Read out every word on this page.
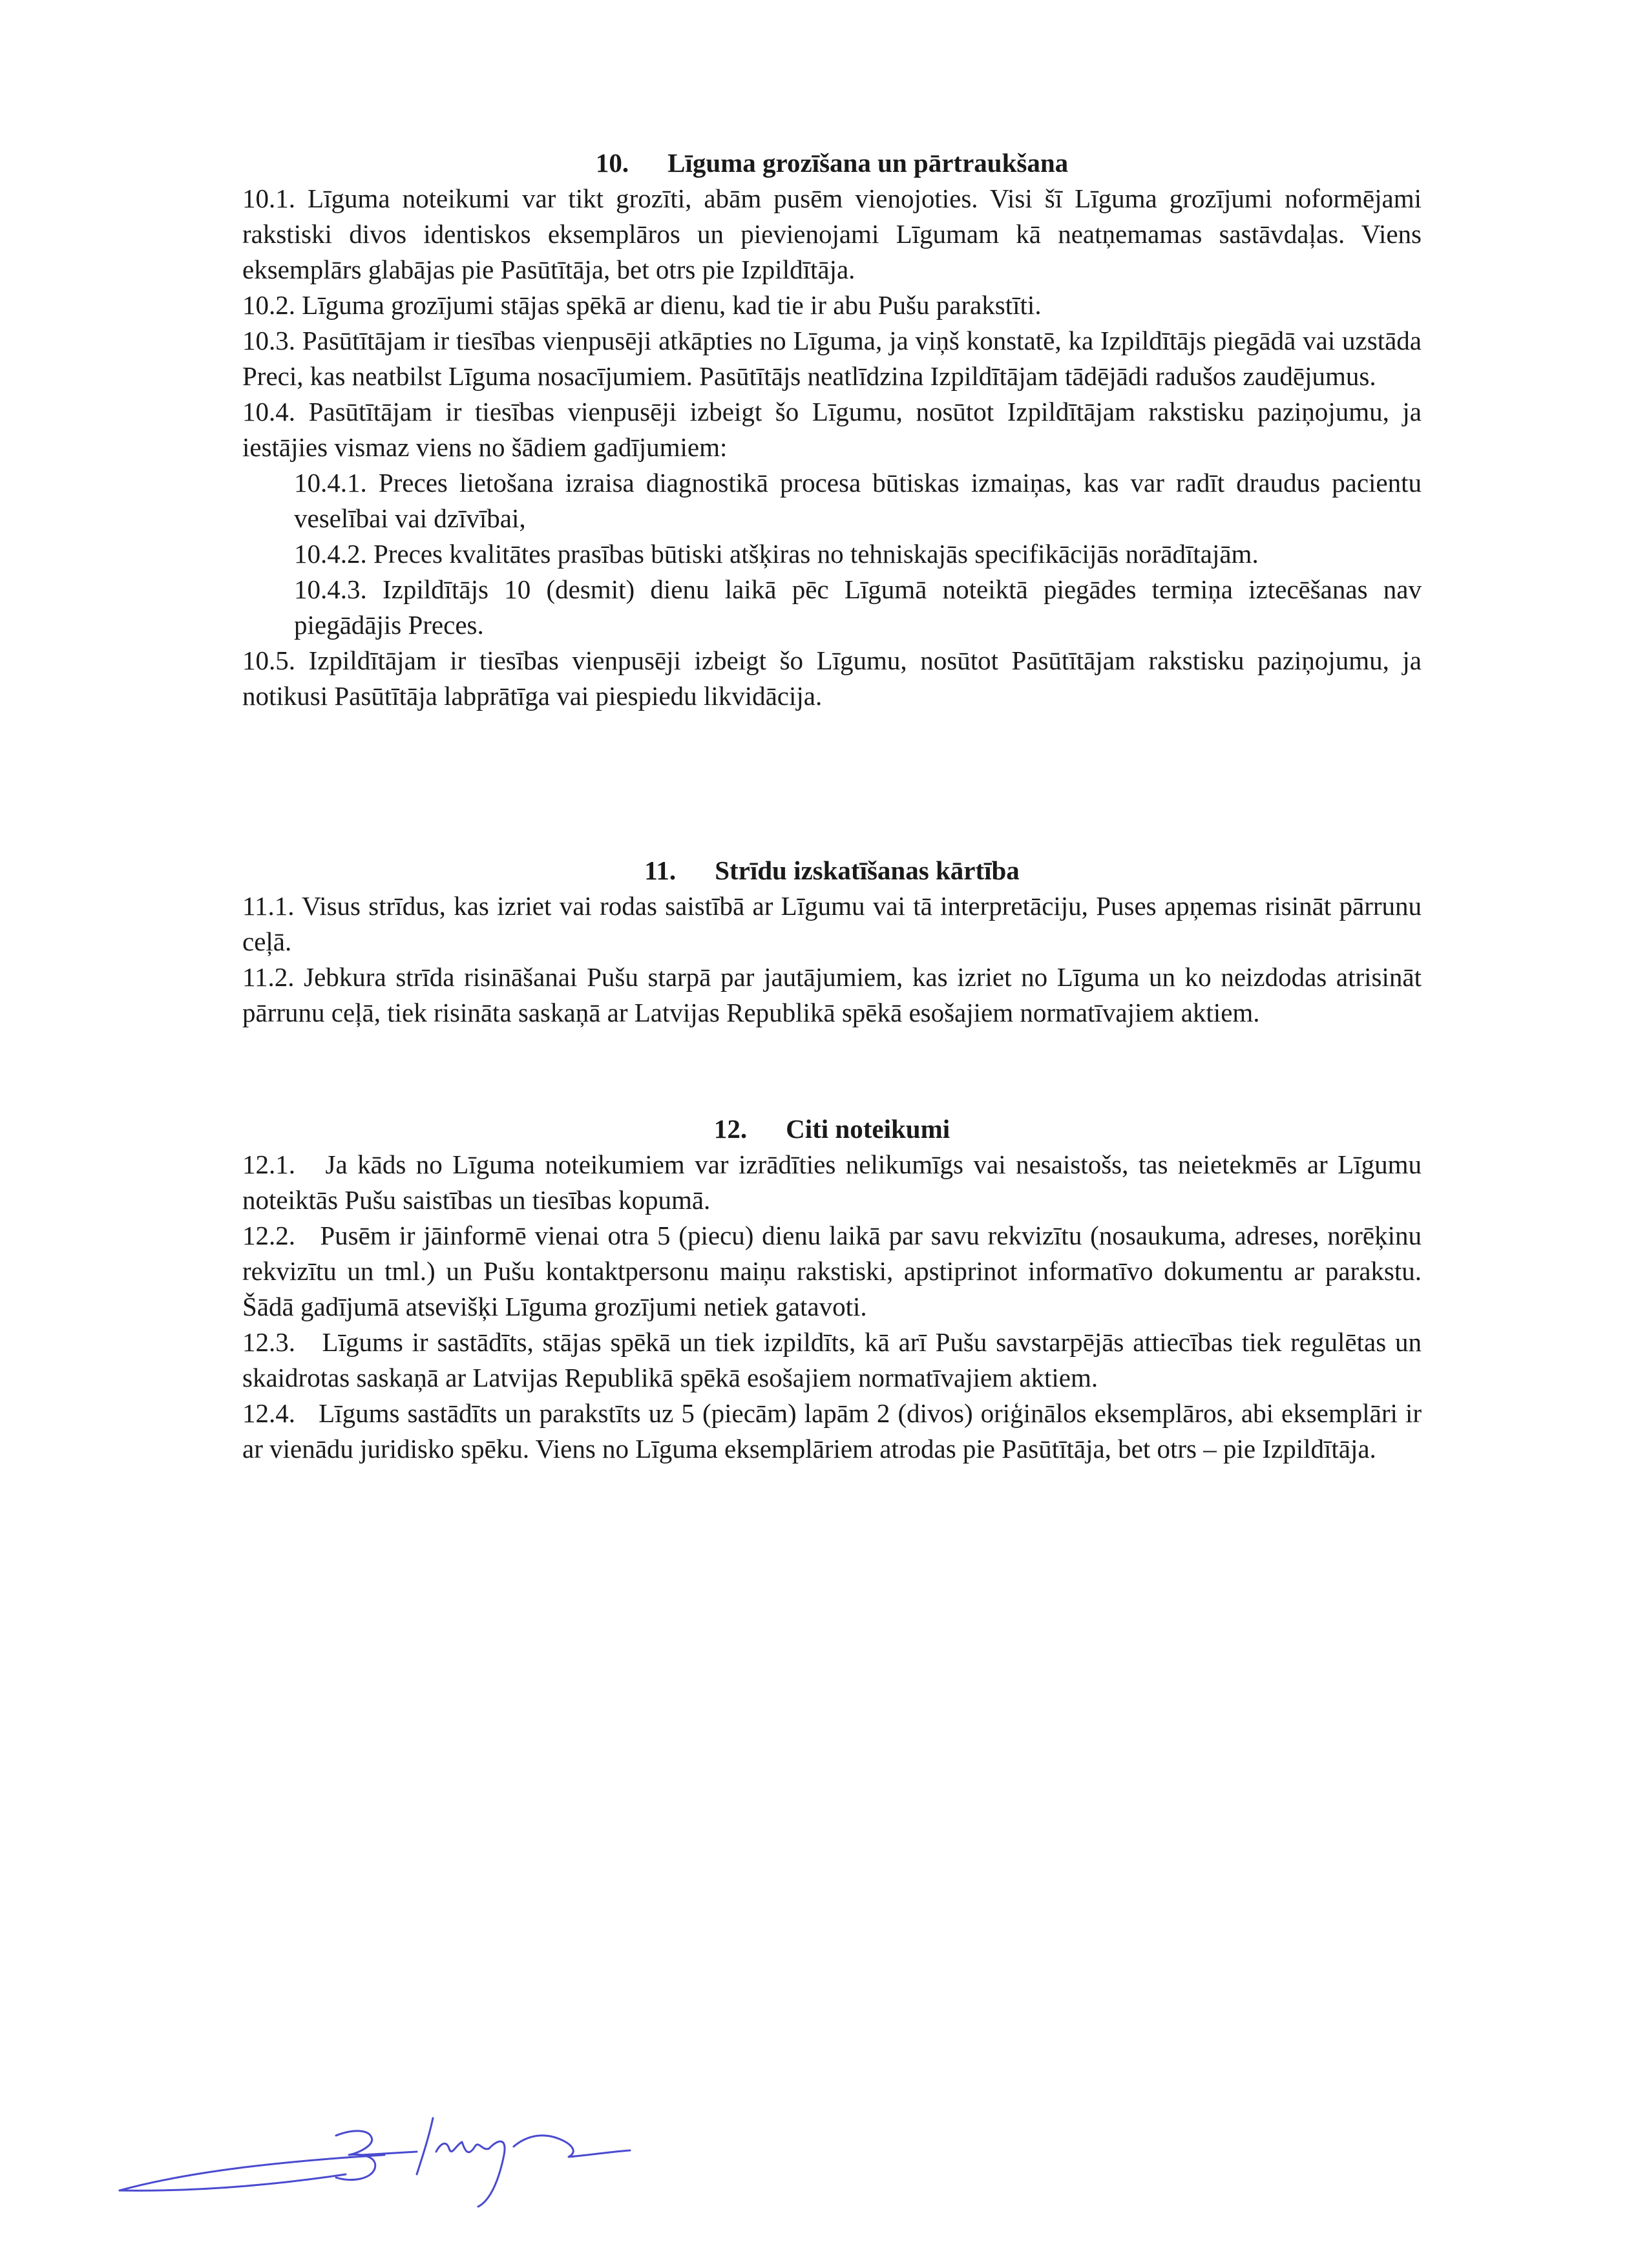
10. Līguma grozīšana un pārtraukšana

10.1. Līguma noteikumi var tikt grozīti, abām pusēm vienojoties. Visi šī Līguma grozījumi noformējami rakstiski divos identiskos eksemplāros un pievienojami Līgumam kā neatņemamas sastāvdaļas. Viens eksemplārs glabājas pie Pasūtītāja, bet otrs pie Izpildītāja.

10.2. Līguma grozījumi stājas spēkā ar dienu, kad tie ir abu Pušu parakstīti.

10.3. Pasūtītājam ir tiesības vienpusēji atkāpties no Līguma, ja viņš konstatē, ka Izpildītājs piegādā vai uzstāda Preci, kas neatbilst Līguma nosacījumiem. Pasūtītājs neatlīdzina Izpildītājam tādējādi radušos zaudējumus.

10.4. Pasūtītājam ir tiesības vienpusēji izbeigt šo Līgumu, nosūtot Izpildītājam rakstisku paziņojumu, ja iestājies vismaz viens no šādiem gadījumiem:

10.4.1. Preces lietošana izraisa diagnostikā procesa būtiskas izmaiņas, kas var radīt draudus pacientu veselībai vai dzīvībai,

10.4.2. Preces kvalitātes prasības būtiski atšķiras no tehniskajās specifikācijās norādītajām.

10.4.3. Izpildītājs 10 (desmit) dienu laikā pēc Līgumā noteiktā piegādes termiņa iztecēšanas nav piegādājis Preces.

10.5. Izpildītājam ir tiesības vienpusēji izbeigt šo Līgumu, nosūtot Pasūtītājam rakstisku paziņojumu, ja notikusi Pasūtītāja labprātīga vai piespiedu likvidācija.

11. Strīdu izskatīšanas kārtība

11.1. Visus strīdus, kas izriet vai rodas saistībā ar Līgumu vai tā interpretāciju, Puses apņemas risināt pārrunu ceļā.

11.2. Jebkura strīda risināšanai Pušu starpā par jautājumiem, kas izriet no Līguma un ko neizdodas atrisināt pārrunu ceļā, tiek risināta saskaņā ar Latvijas Republikā spēkā esošajiem normatīvajiem aktiem.

12. Citi noteikumi

12.1.   Ja kāds no Līguma noteikumiem var izrādīties nelikumīgs vai nesaistošs, tas neietekmēs ar Līgumu noteiktās Pušu saistības un tiesības kopumā.

12.2.   Pusēm ir jāinformē vienai otra 5 (piecu) dienu laikā par savu rekvizītu (nosaukuma, adreses, norēķinu rekvizītu un tml.) un Pušu kontaktpersonu maiņu rakstiski, apstiprinot informatīvo dokumentu ar parakstu. Šādā gadījumā atsevišķi Līguma grozījumi netiek gatavoti.

12.3.   Līgums ir sastādīts, stājas spēkā un tiek izpildīts, kā arī Pušu savstarpējās attiecības tiek regulētas un skaidrotas saskaņā ar Latvijas Republikā spēkā esošajiem normatīvajiem aktiem.

12.4.   Līgums sastādīts un parakstīts uz 5 (piecām) lapām 2 (divos) oriģinālos eksemplāros, abi eksemplāri ir ar vienādu juridisko spēku. Viens no Līguma eksemplāriem atrodas pie Pasūtītāja, bet otrs – pie Izpildītāja.
